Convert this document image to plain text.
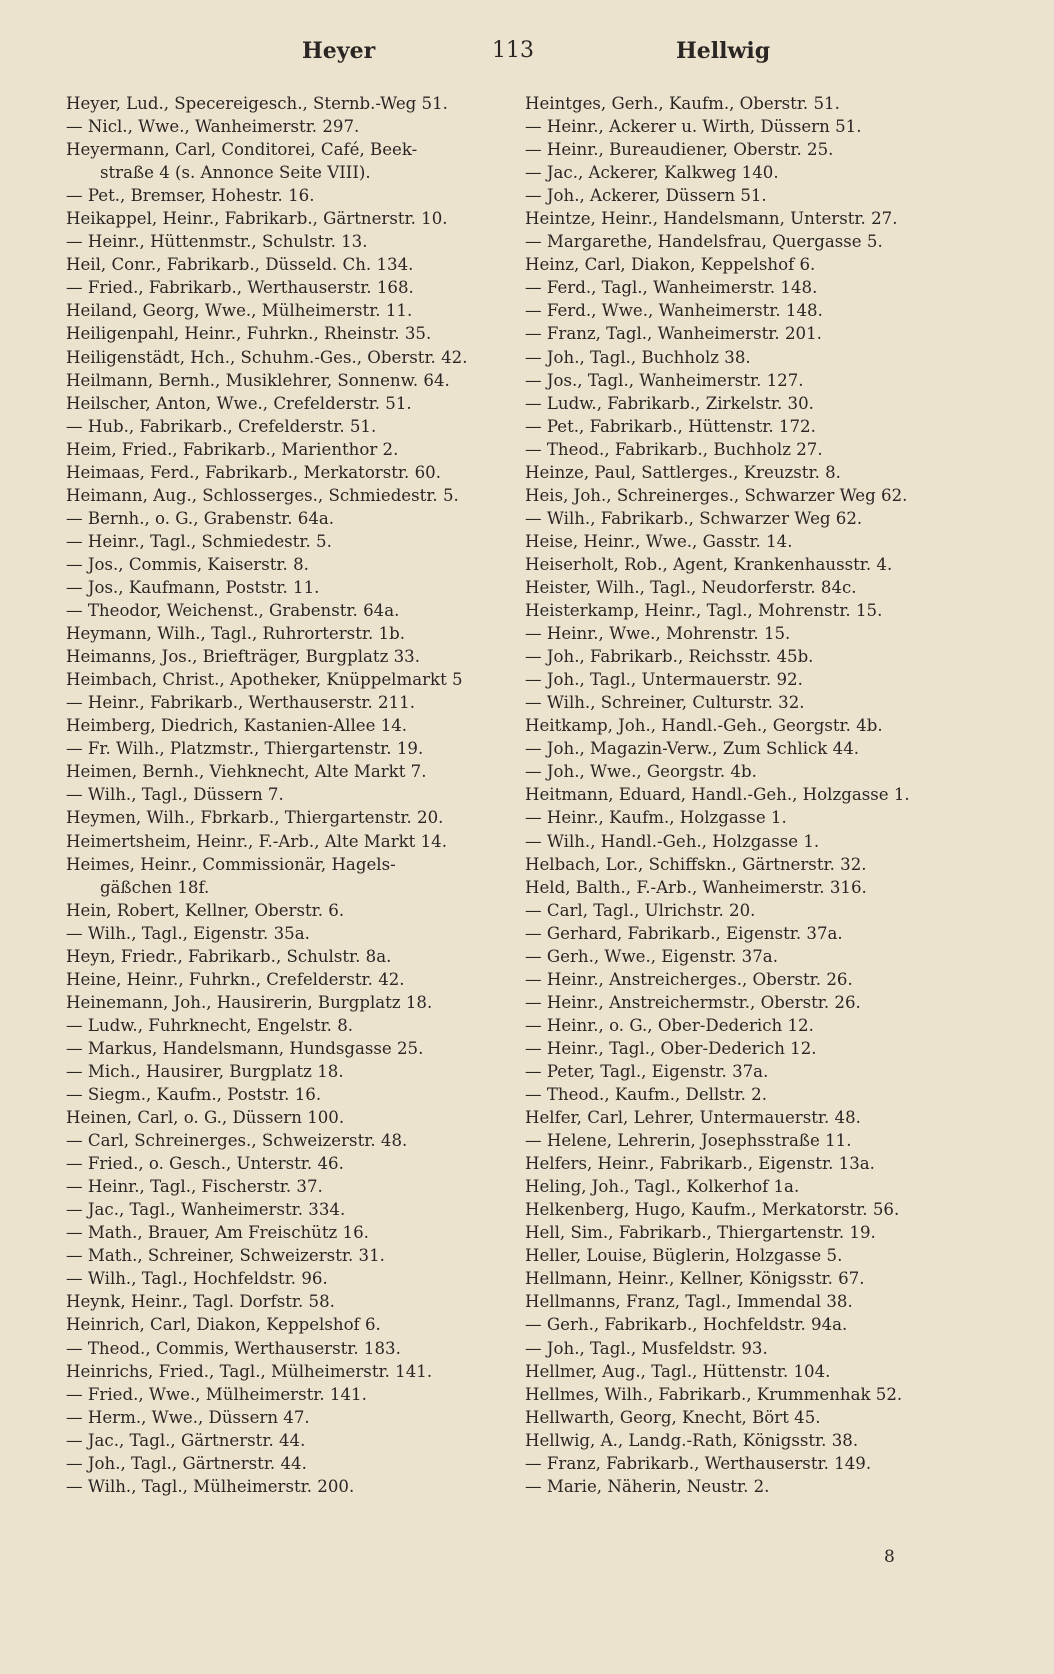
Heyer	113	Hellwig
Heyer, Lud., Specereigesch., Sternb.-Weg 51.
— Nicl., Wwe., Wanheimerstr. 297.
Heyermann, Carl, Conditorei, Café, Beek-
straße 4 (s. Annonce Seite VIII).
— Pet., Bremser, Hohestr. 16.
Heikappel, Heinr., Fabrikarb., Gärtnerstr. 10.
— Heinr., Hüttenmstr., Schulstr. 13.
Heil, Conr., Fabrikarb., Düsseld. Ch. 134.
— Fried., Fabrikarb., Werthauserstr. 168.
Heiland, Georg, Wwe., Mülheimerstr. 11.
Heiligenpahl, Heinr., Fuhrkn., Rheinstr. 35.
Heiligenstädt, Hch., Schuhm.-Ges., Oberstr. 42.
Heilmann, Bernh., Musiklehrer, Sonnenw. 64.
Heilscher, Anton, Wwe., Crefelderstr. 51.
— Hub., Fabrikarb., Crefelderstr. 51.
Heim, Fried., Fabrikarb., Marienthor 2.
Heimaas, Ferd., Fabrikarb., Merkatorstr. 60.
Heimann, Aug., Schlosserges., Schmiedestr. 5.
— Bernh., o. G., Grabenstr. 64a.
— Heinr., Tagl., Schmiedestr. 5.
— Jos., Commis, Kaiserstr. 8.
— Jos., Kaufmann, Poststr. 11.
— Theodor, Weichenst., Grabenstr. 64a.
Heymann, Wilh., Tagl., Ruhrorterstr. 1b.
Heimanns, Jos., Briefträger, Burgplatz 33.
Heimbach, Christ., Apotheker, Knüppelmarkt 5
— Heinr., Fabrikarb., Werthauserstr. 211.
Heimberg, Diedrich, Kastanien-Allee 14.
— Fr. Wilh., Platzmstr., Thiergartenstr. 19.
Heimen, Bernh., Viehknecht, Alte Markt 7.
— Wilh., Tagl., Düssern 7.
Heymen, Wilh., Fbrkarb., Thiergartenstr. 20.
Heimertsheim, Heinr., F.-Arb., Alte Markt 14.
Heimes, Heinr., Commissionär, Hagels-
gäßchen 18f.
Hein, Robert, Kellner, Oberstr. 6.
— Wilh., Tagl., Eigenstr. 35a.
Heyn, Friedr., Fabrikarb., Schulstr. 8a.
Heine, Heinr., Fuhrkn., Crefelderstr. 42.
Heinemann, Joh., Hausirerin, Burgplatz 18.
— Ludw., Fuhrknecht, Engelstr. 8.
— Markus, Handelsmann, Hundsgasse 25.
— Mich., Hausirer, Burgplatz 18.
— Siegm., Kaufm., Poststr. 16.
Heinen, Carl, o. G., Düssern 100.
— Carl, Schreinerges., Schweizerstr. 48.
— Fried., o. Gesch., Unterstr. 46.
— Heinr., Tagl., Fischerstr. 37.
— Jac., Tagl., Wanheimerstr. 334.
— Math., Brauer, Am Freischütz 16.
— Math., Schreiner, Schweizerstr. 31.
— Wilh., Tagl., Hochfeldstr. 96.
Heynk, Heinr., Tagl. Dorfstr. 58.
Heinrich, Carl, Diakon, Keppelshof 6.
— Theod., Commis, Werthauserstr. 183.
Heinrichs, Fried., Tagl., Mülheimerstr. 141.
— Fried., Wwe., Mülheimerstr. 141.
— Herm., Wwe., Düssern 47.
— Jac., Tagl., Gärtnerstr. 44.
— Joh., Tagl., Gärtnerstr. 44.
— Wilh., Tagl., Mülheimerstr. 200.
Heintges, Gerh., Kaufm., Oberstr. 51.
— Heinr., Ackerer u. Wirth, Düssern 51.
— Heinr., Bureaudiener, Oberstr. 25.
— Jac., Ackerer, Kalkweg 140.
— Joh., Ackerer, Düssern 51.
Heintze, Heinr., Handelsmann, Unterstr. 27.
— Margarethe, Handelsfrau, Quergasse 5.
Heinz, Carl, Diakon, Keppelshof 6.
— Ferd., Tagl., Wanheimerstr. 148.
— Ferd., Wwe., Wanheimerstr. 148.
— Franz, Tagl., Wanheimerstr. 201.
— Joh., Tagl., Buchholz 38.
— Jos., Tagl., Wanheimerstr. 127.
— Ludw., Fabrikarb., Zirkelstr. 30.
— Pet., Fabrikarb., Hüttenstr. 172.
— Theod., Fabrikarb., Buchholz 27.
Heinze, Paul, Sattlerges., Kreuzstr. 8.
Heis, Joh., Schreinerges., Schwarzer Weg 62.
— Wilh., Fabrikarb., Schwarzer Weg 62.
Heise, Heinr., Wwe., Gasstr. 14.
Heiserholt, Rob., Agent, Krankenhausstr. 4.
Heister, Wilh., Tagl., Neudorferstr. 84c.
Heisterkamp, Heinr., Tagl., Mohrenstr. 15.
— Heinr., Wwe., Mohrenstr. 15.
— Joh., Fabrikarb., Reichsstr. 45b.
— Joh., Tagl., Untermauerstr. 92.
— Wilh., Schreiner, Culturstr. 32.
Heitkamp, Joh., Handl.-Geh., Georgstr. 4b.
— Joh., Magazin-Verw., Zum Schlick 44.
— Joh., Wwe., Georgstr. 4b.
Heitmann, Eduard, Handl.-Geh., Holzgasse 1.
— Heinr., Kaufm., Holzgasse 1.
— Wilh., Handl.-Geh., Holzgasse 1.
Helbach, Lor., Schiffskn., Gärtnerstr. 32.
Held, Balth., F.-Arb., Wanheimerstr. 316.
— Carl, Tagl., Ulrichstr. 20.
— Gerhard, Fabrikarb., Eigenstr. 37a.
— Gerh., Wwe., Eigenstr. 37a.
— Heinr., Anstreicherges., Oberstr. 26.
— Heinr., Anstreichermstr., Oberstr. 26.
— Heinr., o. G., Ober-Dederich 12.
— Heinr., Tagl., Ober-Dederich 12.
— Peter, Tagl., Eigenstr. 37a.
— Theod., Kaufm., Dellstr. 2.
Helfer, Carl, Lehrer, Untermauerstr. 48.
— Helene, Lehrerin, Josephsstraße 11.
Helfers, Heinr., Fabrikarb., Eigenstr. 13a.
Heling, Joh., Tagl., Kolkerhof 1a.
Helkenberg, Hugo, Kaufm., Merkatorstr. 56.
Hell, Sim., Fabrikarb., Thiergartenstr. 19.
Heller, Louise, Büglerin, Holzgasse 5.
Hellmann, Heinr., Kellner, Königsstr. 67.
Hellmanns, Franz, Tagl., Immendal 38.
— Gerh., Fabrikarb., Hochfeldstr. 94a.
— Joh., Tagl., Musfeldstr. 93.
Hellmer, Aug., Tagl., Hüttenstr. 104.
Hellmes, Wilh., Fabrikarb., Krummenhak 52.
Hellwarth, Georg, Knecht, Bört 45.
Hellwig, A., Landg.-Rath, Königsstr. 38.
— Franz, Fabrikarb., Werthauserstr. 149.
— Marie, Näherin, Neustr. 2.
8
